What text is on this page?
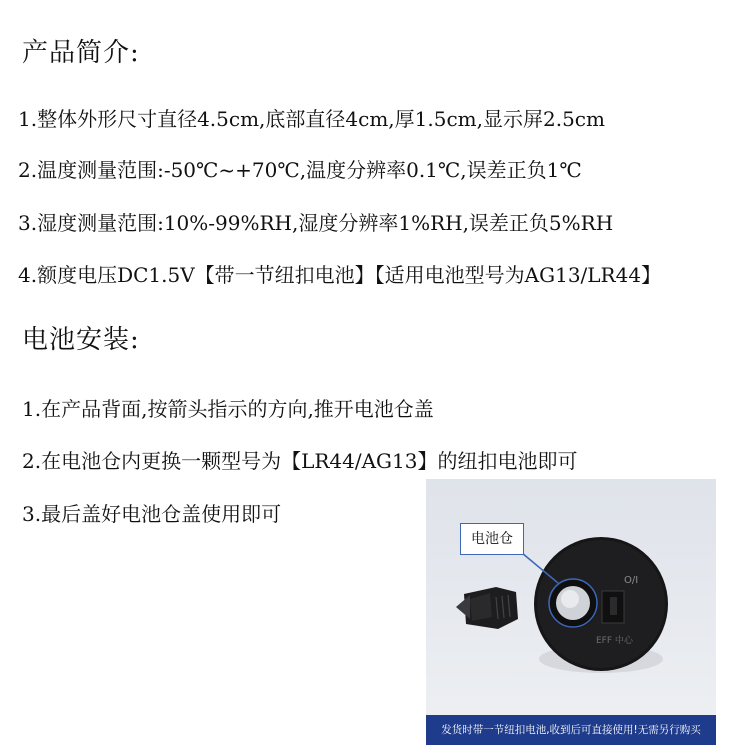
产品简介:
1.整体外形尺寸直径4.5cm,底部直径4cm,厚1.5cm,显示屏2.5cm
2.温度测量范围:-50℃~+70℃,温度分辨率0.1℃,误差正负1℃
3.湿度测量范围:10%-99%RH,湿度分辨率1%RH,误差正负5%RH
4.额度电压DC1.5V【带一节纽扣电池】【适用电池型号为AG13/LR44】
电池安装:
1.在产品背面,按箭头指示的方向,推开电池仓盖
2.在电池仓内更换一颗型号为【LR44/AG13】的纽扣电池即可
3.最后盖好电池仓盖使用即可
O/I
EFF 中心
电池仓
发货时带一节纽扣电池,收到后可直接使用!无需另行购买
